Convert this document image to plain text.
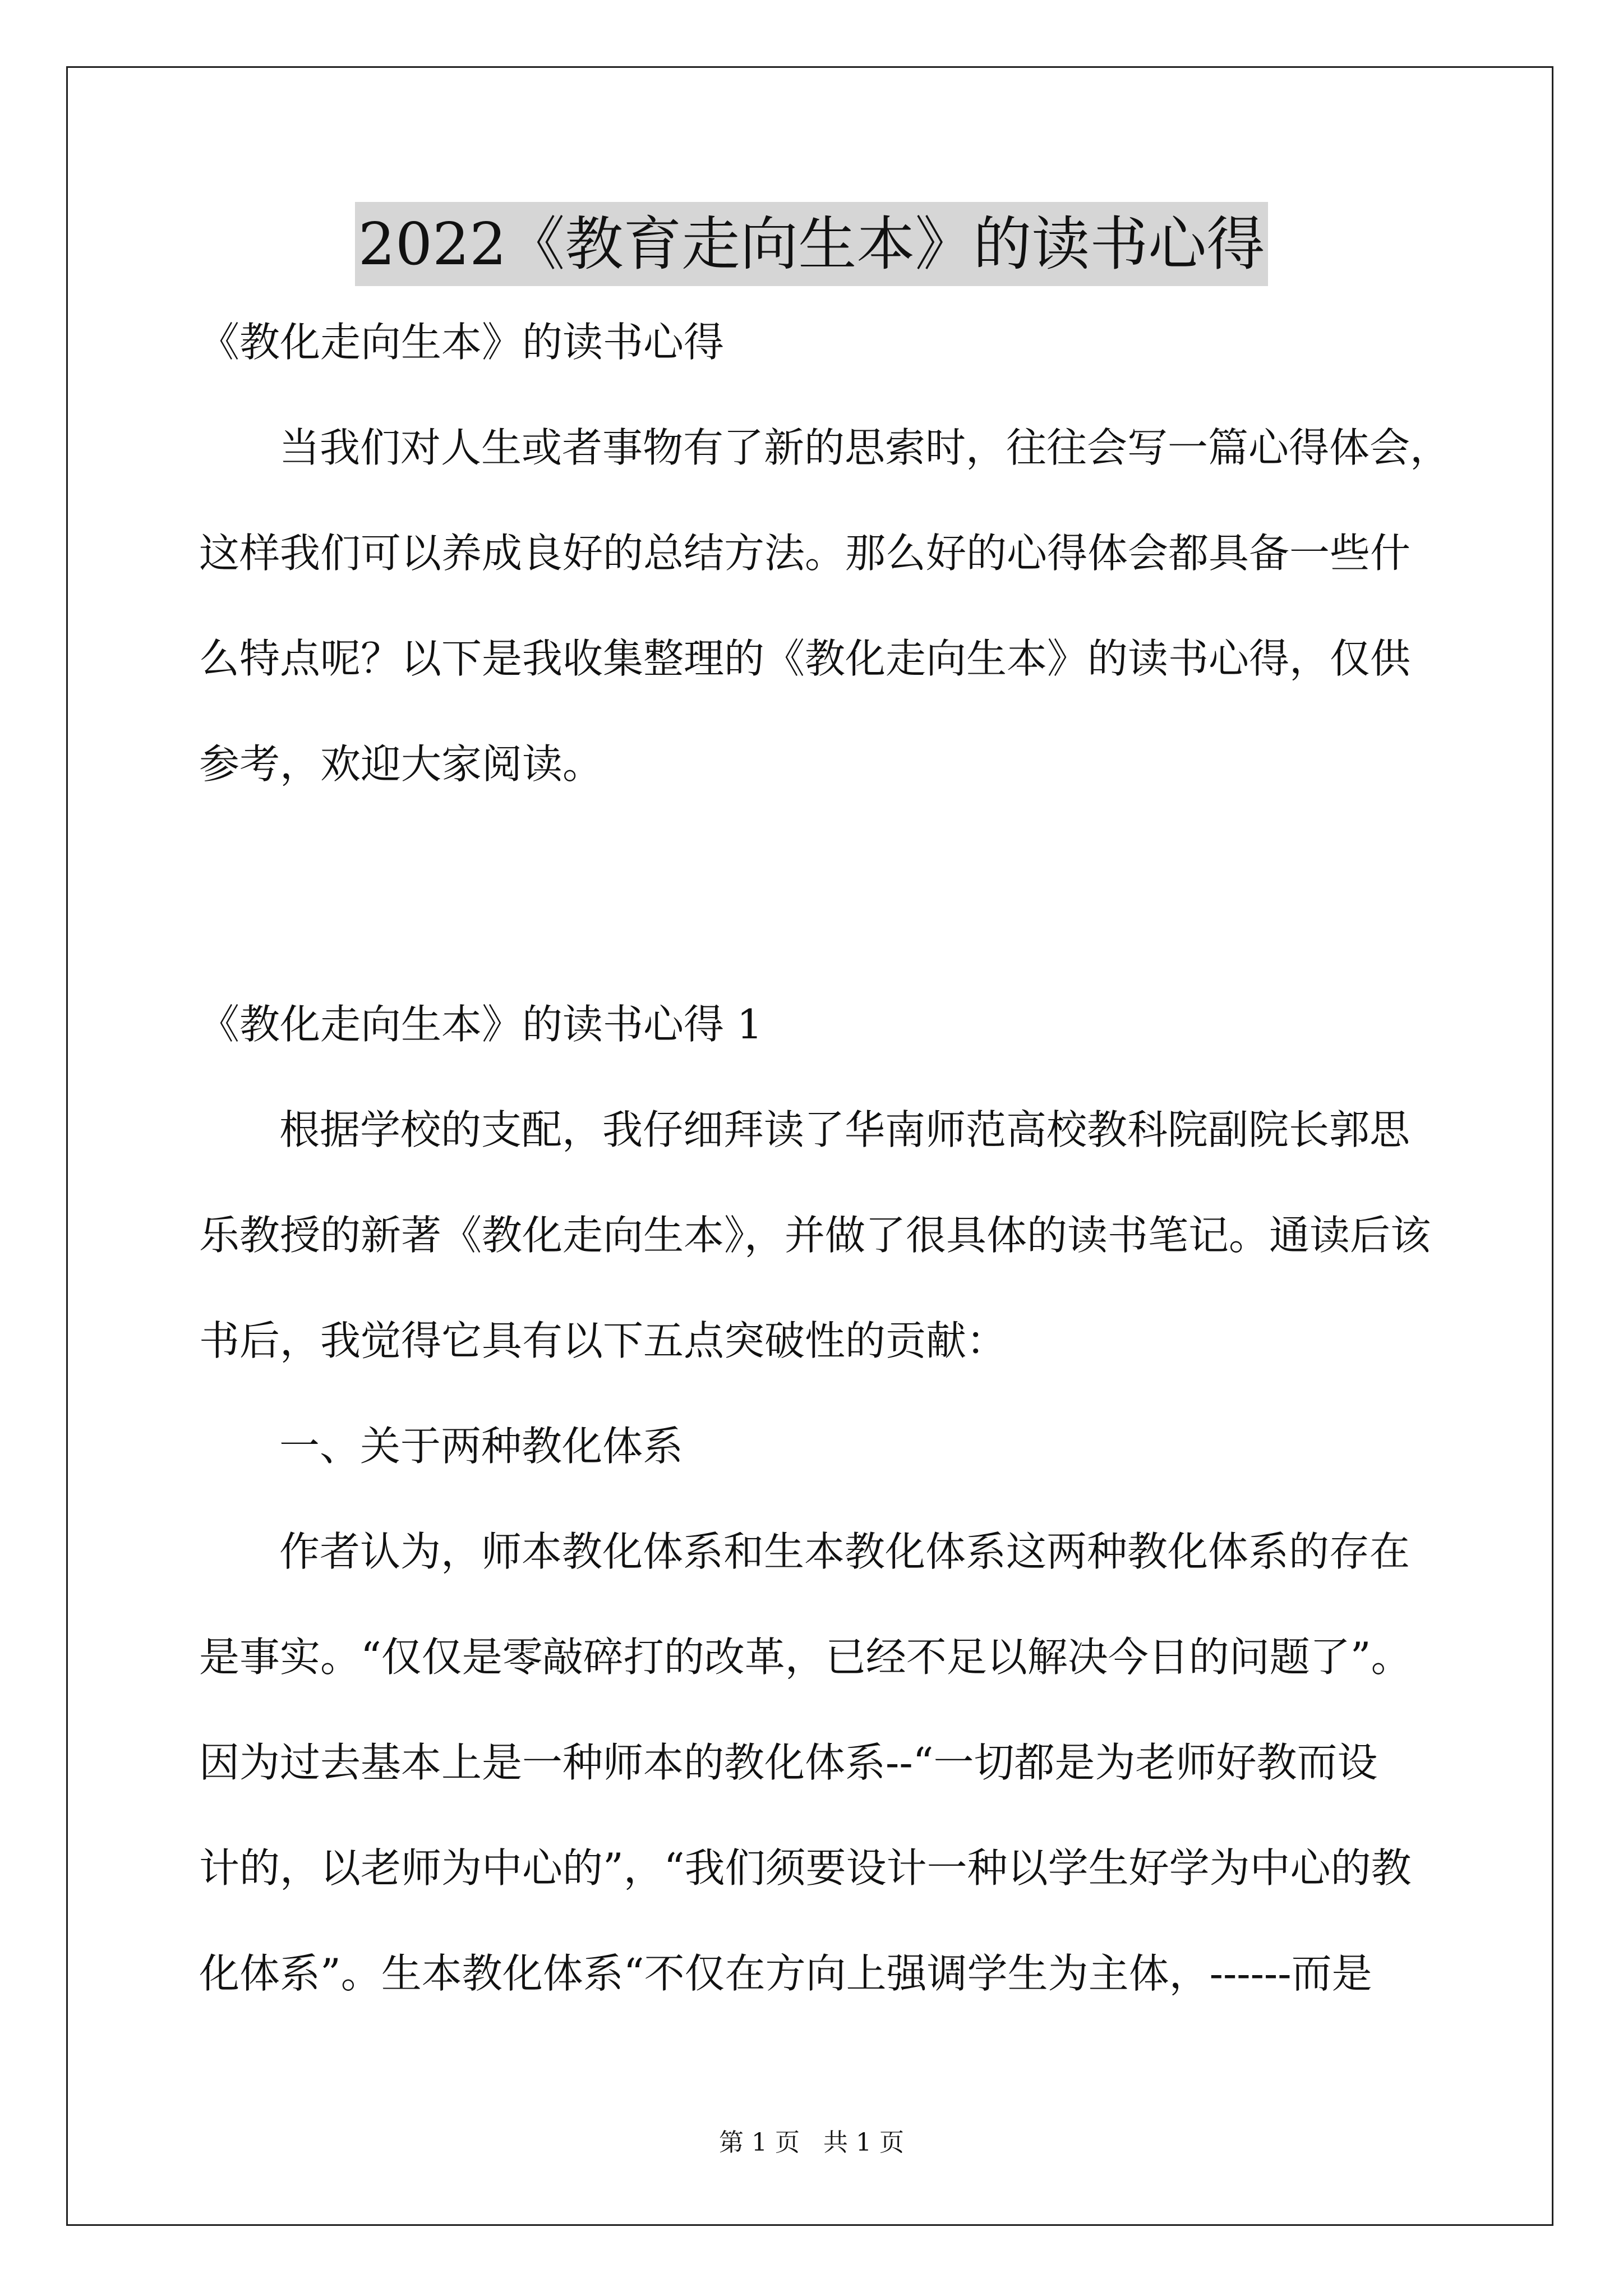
2022《教育走向生本》的读书心得
《教化走向生本》的读书心得
当我们对人生或者事物有了新的思索时，往往会写一篇心得体会，
这样我们可以养成良好的总结方法。那么好的心得体会都具备一些什
么特点呢？以下是我收集整理的《教化走向生本》的读书心得，仅供
参考，欢迎大家阅读。
《教化走向生本》的读书心得 1
根据学校的支配，我仔细拜读了华南师范高校教科院副院长郭思
乐教授的新著《教化走向生本》，并做了很具体的读书笔记。通读后该
书后，我觉得它具有以下五点突破性的贡献：
一、关于两种教化体系
作者认为，师本教化体系和生本教化体系这两种教化体系的存在
是事实。“仅仅是零敲碎打的改革，已经不足以解决今日的问题了”。
因为过去基本上是一种师本的教化体系--“一切都是为老师好教而设
计的，以老师为中心的”，“我们须要设计一种以学生好学为中心的教
化体系”。生本教化体系“不仅在方向上强调学生为主体，------而是
第 1 页   共 1 页
